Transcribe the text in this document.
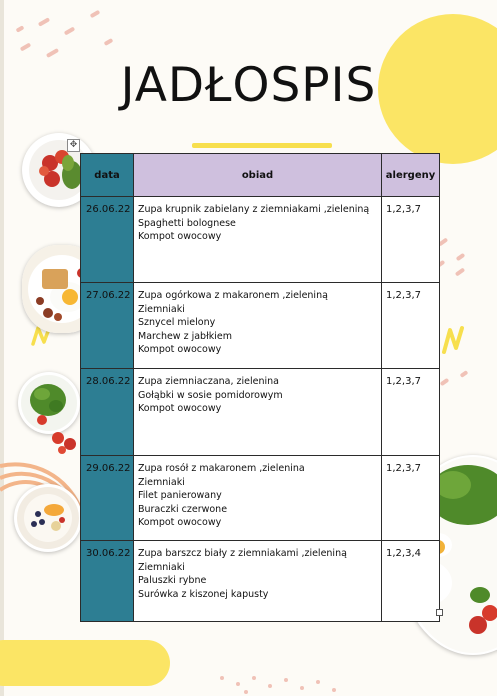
JADŁOSPIS
✥
data	obiad	alergeny
26.06.22	Zupa krupnik zabielany z ziemniakami ,zieleniną
Spaghetti bolognese
Kompot owocowy	1,2,3,7
27.06.22	Zupa ogórkowa z makaronem ,zieleniną
Ziemniaki
Sznycel mielony
Marchew z jabłkiem
Kompot owocowy	1,2,3,7
28.06.22	Zupa ziemniaczana, zielenina
Gołąbki w sosie pomidorowym
Kompot owocowy	1,2,3,7
29.06.22	Zupa rosół z makaronem ,zielenina
Ziemniaki
Filet panierowany
Buraczki czerwone
Kompot owocowy	1,2,3,7
30.06.22	Zupa barszcz biały z ziemniakami ,zieleniną
Ziemniaki
Paluszki rybne
Surówka z kiszonej kapusty	1,2,3,4
